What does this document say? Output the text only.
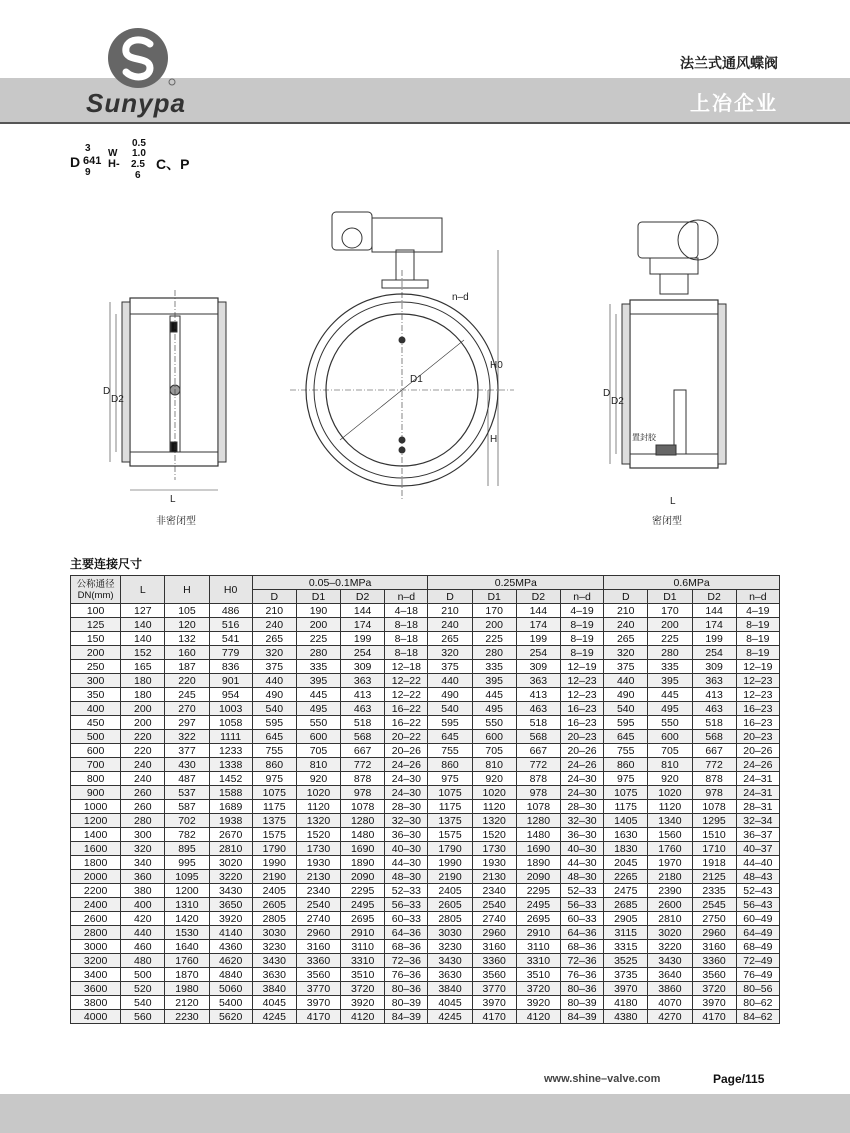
Sunypa
法兰式通风蝶阀
上冶企业
D
3
641
9
W
H-
0.5
1.0
2.5
6
C、P
非密闭型	密闭型
n–d
D1
H0
H
D
D2
L
D
D2
L
置封胶
主要连接尺寸
公称通径DN(mm)	L	H	H0	0.05–0.1MPa				0.25MPa				0.6MPa			
				D	D1	D2	n–d	D	D1	D2	n–d	D	D1	D2	n–d
100	127	105	486	210	190	144	4–18	210	170	144	4–19	210	170	144	4–19
125	140	120	516	240	200	174	8–18	240	200	174	8–19	240	200	174	8–19
150	140	132	541	265	225	199	8–18	265	225	199	8–19	265	225	199	8–19
200	152	160	779	320	280	254	8–18	320	280	254	8–19	320	280	254	8–19
250	165	187	836	375	335	309	12–18	375	335	309	12–19	375	335	309	12–19
300	180	220	901	440	395	363	12–22	440	395	363	12–23	440	395	363	12–23
350	180	245	954	490	445	413	12–22	490	445	413	12–23	490	445	413	12–23
400	200	270	1003	540	495	463	16–22	540	495	463	16–23	540	495	463	16–23
450	200	297	1058	595	550	518	16–22	595	550	518	16–23	595	550	518	16–23
500	220	322	1111	645	600	568	20–22	645	600	568	20–23	645	600	568	20–23
600	220	377	1233	755	705	667	20–26	755	705	667	20–26	755	705	667	20–26
700	240	430	1338	860	810	772	24–26	860	810	772	24–26	860	810	772	24–26
800	240	487	1452	975	920	878	24–30	975	920	878	24–30	975	920	878	24–31
900	260	537	1588	1075	1020	978	24–30	1075	1020	978	24–30	1075	1020	978	24–31
1000	260	587	1689	1175	1120	1078	28–30	1175	1120	1078	28–30	1175	1120	1078	28–31
1200	280	702	1938	1375	1320	1280	32–30	1375	1320	1280	32–30	1405	1340	1295	32–34
1400	300	782	2670	1575	1520	1480	36–30	1575	1520	1480	36–30	1630	1560	1510	36–37
1600	320	895	2810	1790	1730	1690	40–30	1790	1730	1690	40–30	1830	1760	1710	40–37
1800	340	995	3020	1990	1930	1890	44–30	1990	1930	1890	44–30	2045	1970	1918	44–40
2000	360	1095	3220	2190	2130	2090	48–30	2190	2130	2090	48–30	2265	2180	2125	48–43
2200	380	1200	3430	2405	2340	2295	52–33	2405	2340	2295	52–33	2475	2390	2335	52–43
2400	400	1310	3650	2605	2540	2495	56–33	2605	2540	2495	56–33	2685	2600	2545	56–43
2600	420	1420	3920	2805	2740	2695	60–33	2805	2740	2695	60–33	2905	2810	2750	60–49
2800	440	1530	4140	3030	2960	2910	64–36	3030	2960	2910	64–36	3115	3020	2960	64–49
3000	460	1640	4360	3230	3160	3110	68–36	3230	3160	3110	68–36	3315	3220	3160	68–49
3200	480	1760	4620	3430	3360	3310	72–36	3430	3360	3310	72–36	3525	3430	3360	72–49
3400	500	1870	4840	3630	3560	3510	76–36	3630	3560	3510	76–36	3735	3640	3560	76–49
3600	520	1980	5060	3840	3770	3720	80–36	3840	3770	3720	80–36	3970	3860	3720	80–56
3800	540	2120	5400	4045	3970	3920	80–39	4045	3970	3920	80–39	4180	4070	3970	80–62
4000	560	2230	5620	4245	4170	4120	84–39	4245	4170	4120	84–39	4380	4270	4170	84–62
www.shine–valve.com	Page/115
